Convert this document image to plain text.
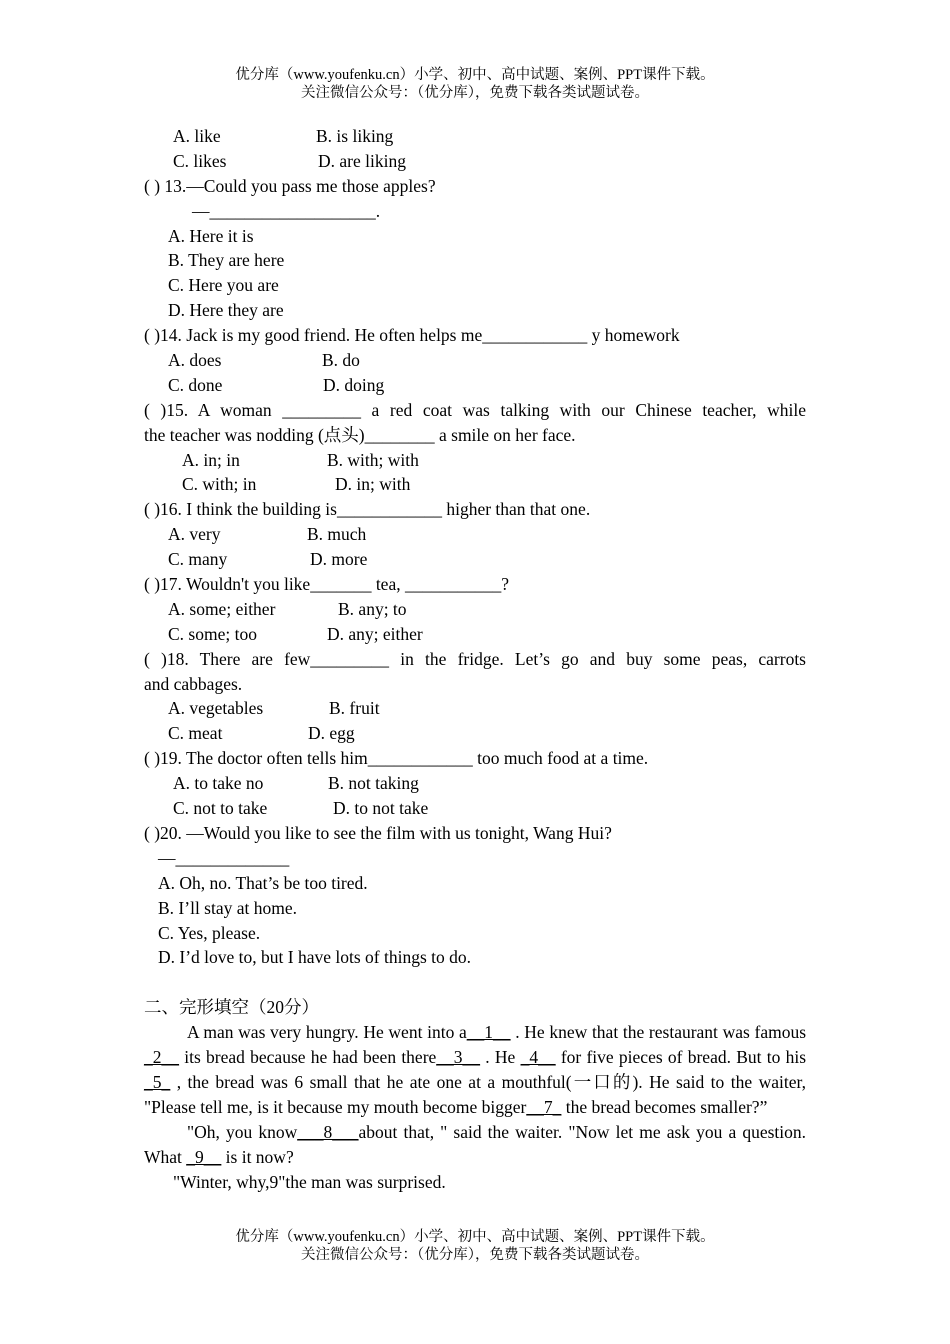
优分库（www.youfenku.cn）小学、初中、高中试题、案例、PPT课件下载。
关注微信公众号：（优分库），免费下载各类试题试卷。
A. like	B. is liking
C. likes	D. are liking
( ) 13.—Could you pass me those apples?
—___________________.
A. Here it is
B. They are here
C. Here you are
D. Here they are
( )14. Jack is my good friend. He often helps me____________ y homework
A. does	B. do
C. done	D. doing
( )15. A woman _________ a red coat was talking with our Chinese teacher, while
the teacher was nodding (点头)________ a smile on her face.
A. in; in	B. with; with
C. with; in	D. in; with
( )16. I think the building is____________ higher than that one.
A. very	B. much
C. many	D. more
( )17. Wouldn't you like_______ tea, ___________?
A. some; either	B. any; to
C. some; too	D. any; either
( )18. There are few_________ in the fridge. Let’s go and buy some peas, carrots
and cabbages.
A. vegetables	B. fruit
C. meat	D. egg
( )19. The doctor often tells him____________ too much food at a time.
A. to take no	B. not taking
C. not to take	D. to not take
( )20. —Would you like to see the film with us tonight, Wang Hui?
—_____________
A. Oh, no. That’s be too tired.
B. I’ll stay at home.
C. Yes, please.
D. I’d love to, but I have lots of things to do.
二、完形填空（20分）
A man was very hungry. He went into a__1__ . He knew that the restaurant was famous _2__ its bread because he had been there__3__ . He _4__ for five pieces of bread. But to his _5_ , the bread was 6 small that he ate one at a mouthful(一口的). He said to the waiter, "Please tell me, is it because my mouth become bigger__7_ the bread becomes smaller?”
"Oh, you know___8___about that, " said the waiter. "Now let me ask you a question. What _9__ is it now?
"Winter, why,9"the man was surprised.
优分库（www.youfenku.cn）小学、初中、高中试题、案例、PPT课件下载。
关注微信公众号：（优分库），免费下载各类试题试卷。
